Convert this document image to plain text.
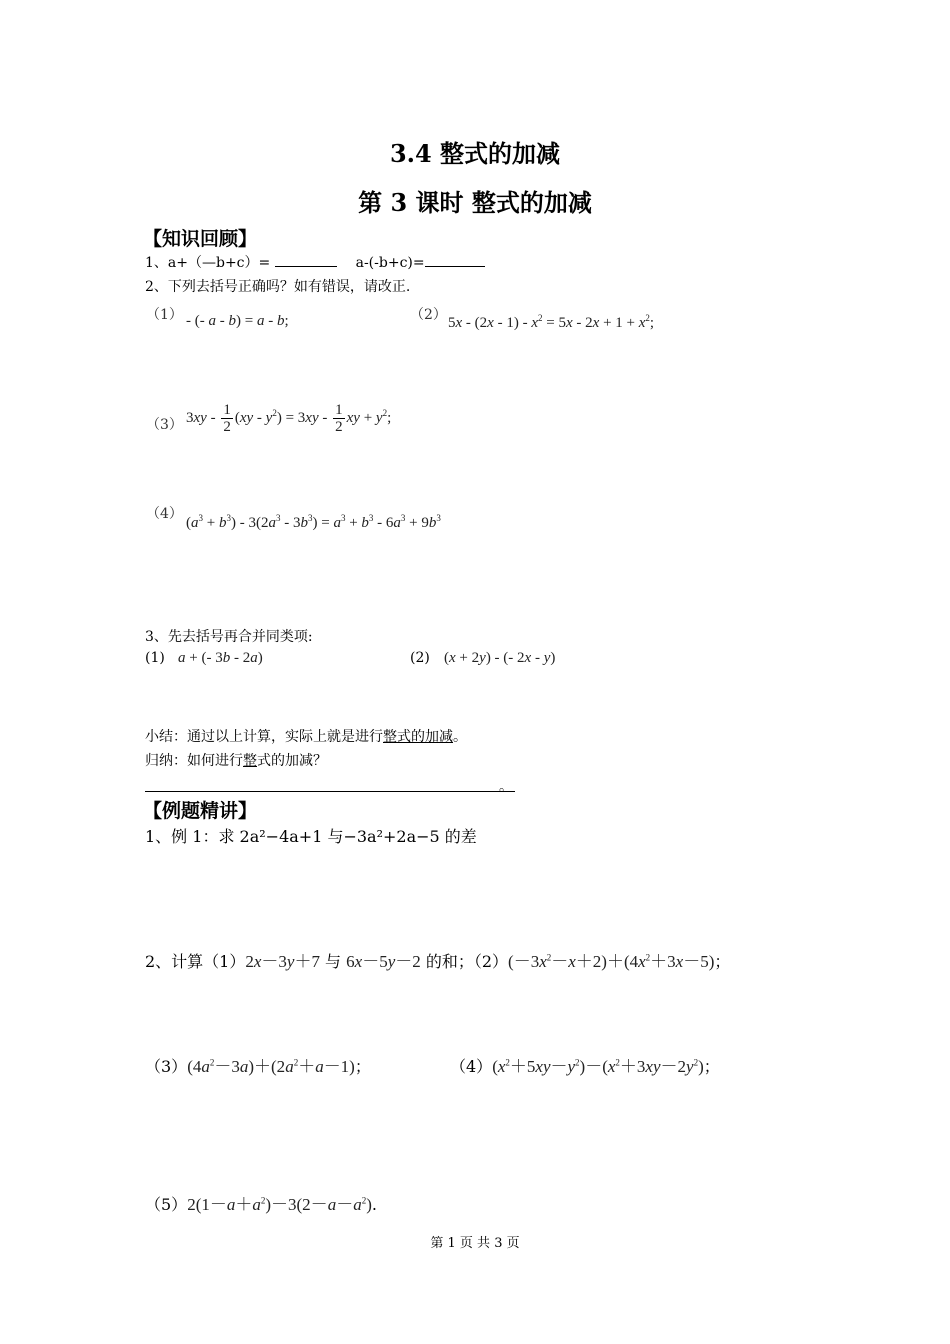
3.4 整式的加减
第 3 课时 整式的加减
【知识回顾】
1、a+（—b+c）=	a-(-b+c)=
2、下列去括号正确吗？如有错误，请改正.
（1） - (- a - b) = a - b;	（2） $5x - (2x - 1) - x^2 = 5x - 2x + 1 + x^2$;
（3） $3xy - \frac{1}{2} (xy - y^2) = 3xy - \frac{1}{2}$ xy + $y^2$;
（4）
$(a^3 + b^3) - 3(2a^3 - 3b^3) = a^3 + b^3 - 6a^3 + 9b^3$
3、先去括号再合并同类项:
(1) a + (- 3b - 2a)	(2) (x + 2y) - (- 2x - y)
小结：通过以上计算，实际上就是进行整式的加减。
归纳：如何进行整式的加减？
。
【例题精讲】
1、例 1：求 2a²−4a+1 与−3a²+2a−5 的差
2、计算（1）2x－3y＋7 与 6x－5y－2 的和；$(2)(-3x^2-x+2)+(4x^2+3x-5)$；
$(3)(4a^2-3a)+(2a^2+a-1)$；	$(4)(x^2+5xy-y^2)-(x^2+3xy-2y^2)$；
$(5)2(1-a+a^2)-3(2-a-a^2)$.
第 1 页 共 3 页
